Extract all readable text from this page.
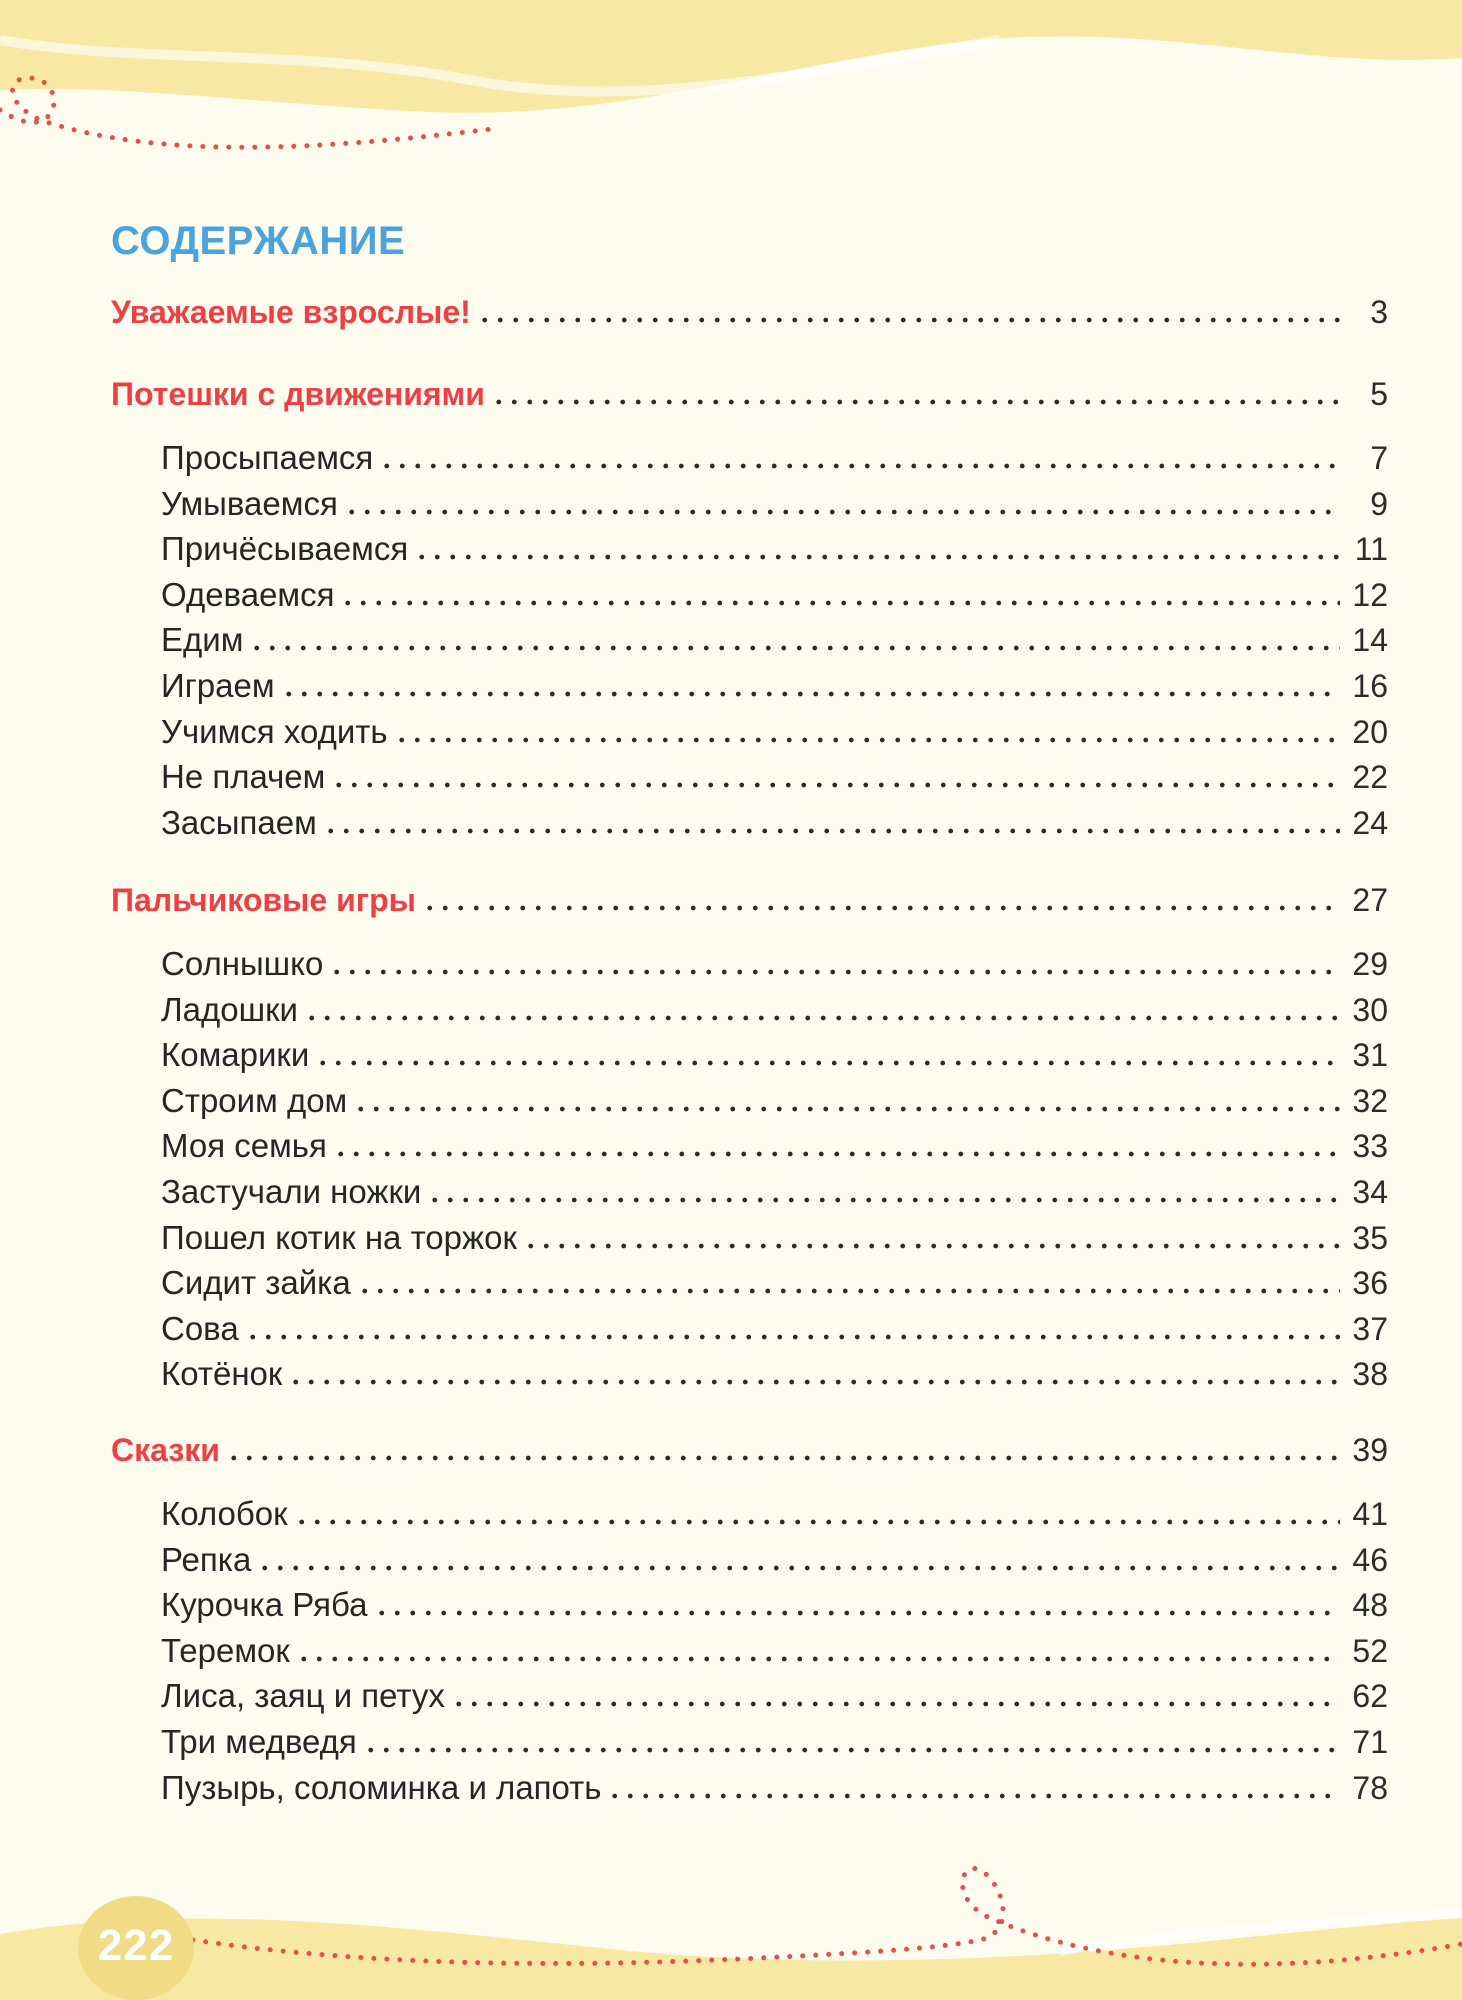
222
СОДЕРЖАНИЕ
Уважаемые взрослые!	3
Потешки с движениями	5
Просыпаемся	7
Умываемся	9
Причёсываемся	11
Одеваемся	12
Едим	14
Играем	16
Учимся ходить	20
Не плачем	22
Засыпаем	24
Пальчиковые игры	27
Солнышко	29
Ладошки	30
Комарики	31
Строим дом	32
Моя семья	33
Застучали ножки	34
Пошел котик на торжок	35
Сидит зайка	36
Сова	37
Котёнок	38
Сказки	39
Колобок	41
Репка	46
Курочка Ряба	48
Теремок	52
Лиса, заяц и петух	62
Три медведя	71
Пузырь, соломинка и лапоть	78
